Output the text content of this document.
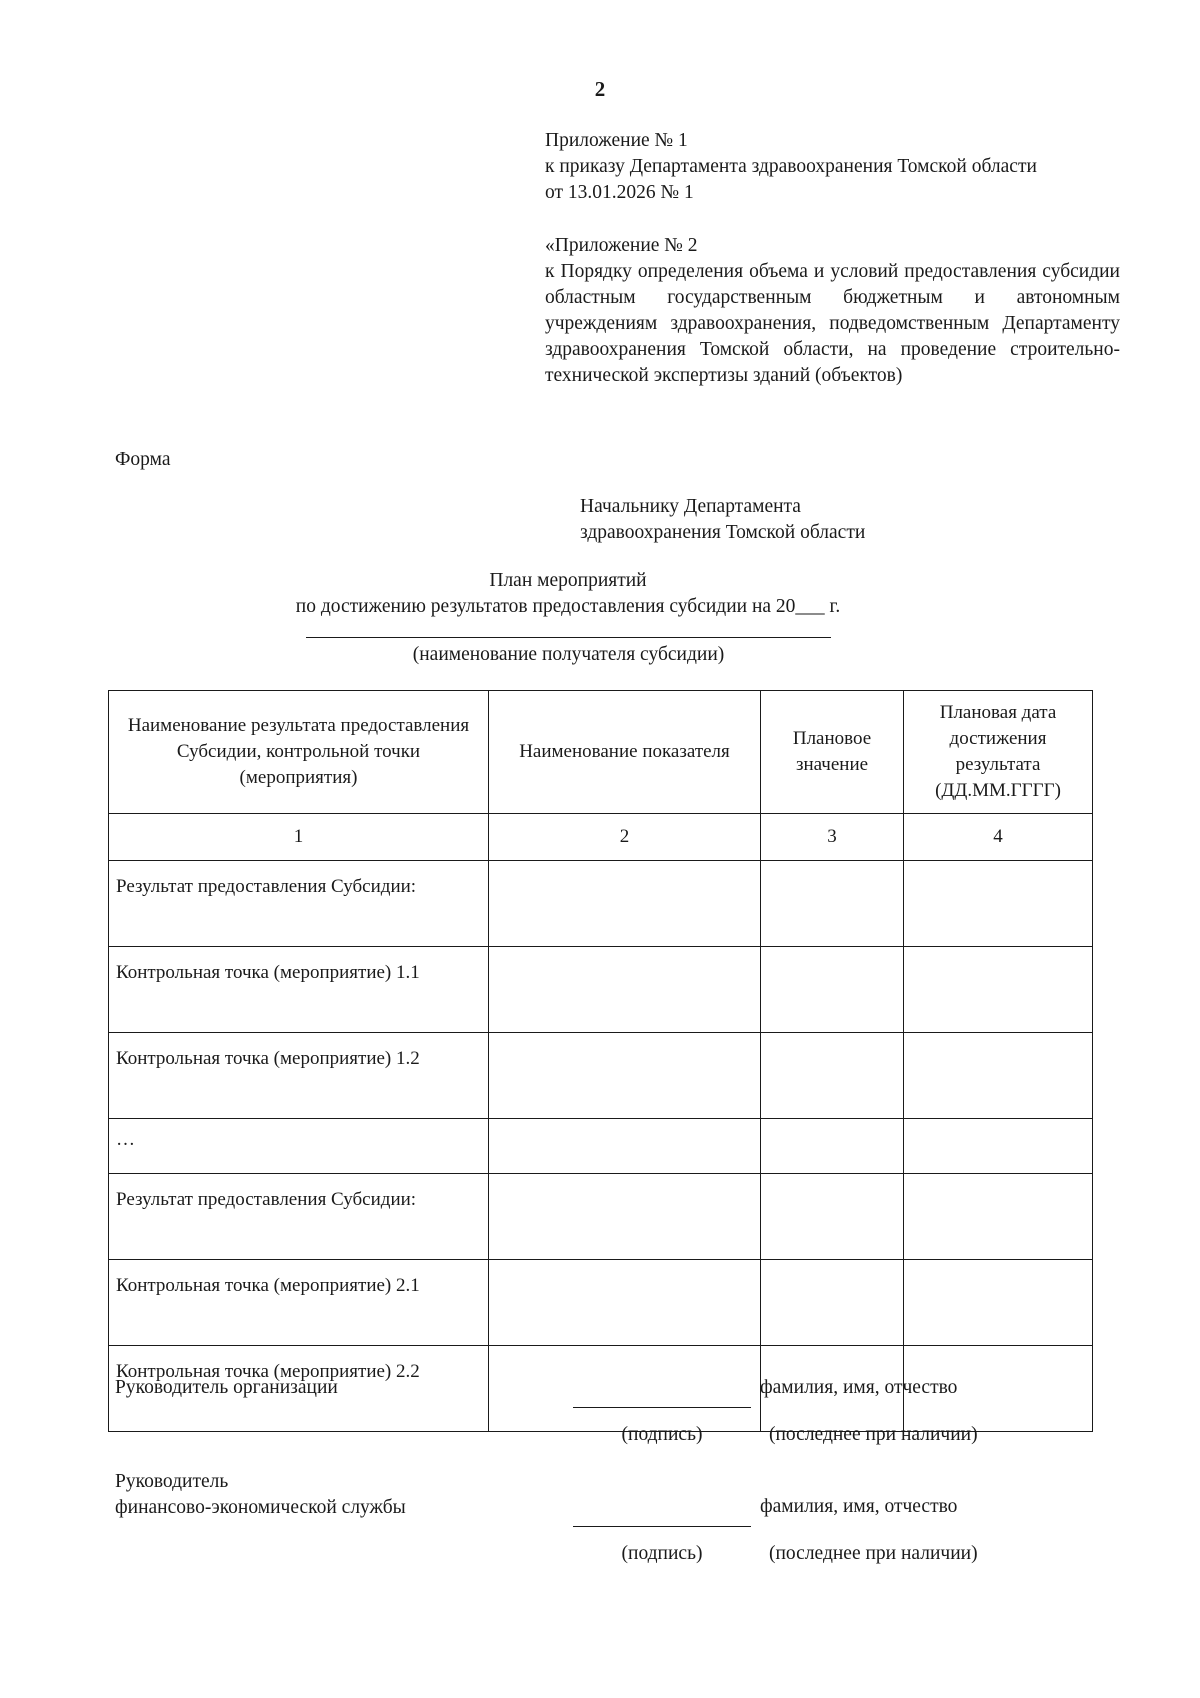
2
Приложение № 1
к приказу Департамента здравоохранения Томской области
от 13.01.2026 № 1
«Приложение № 2
к Порядку определения объема и условий предоставления субсидии областным государственным бюджетным и автономным учреждениям здравоохранения, подведомственным Департаменту здравоохранения Томской области, на проведение строительно-технической экспертизы зданий (объектов)
Форма
Начальнику Департамента
здравоохранения Томской области
План мероприятий
по достижению результатов предоставления субсидии на 20___ г.
(наименование получателя субсидии)
Наименование результата предоставления Субсидии, контрольной точки (мероприятия)	Наименование показателя	Плановое значение	Плановая дата достижения результата (ДД.ММ.ГГГГ)
1	2	3	4
Результат предоставления Субсидии:			
Контрольная точка (мероприятие) 1.1			
Контрольная точка (мероприятие) 1.2			
…			
Результат предоставления Субсидии:			
Контрольная точка (мероприятие) 2.1			
Контрольная точка (мероприятие) 2.2			
Руководитель организации	фамилия, имя, отчество
(подпись)	(последнее при наличии)
Руководитель
финансово-экономической службы	фамилия, имя, отчество
(подпись)	(последнее при наличии)
